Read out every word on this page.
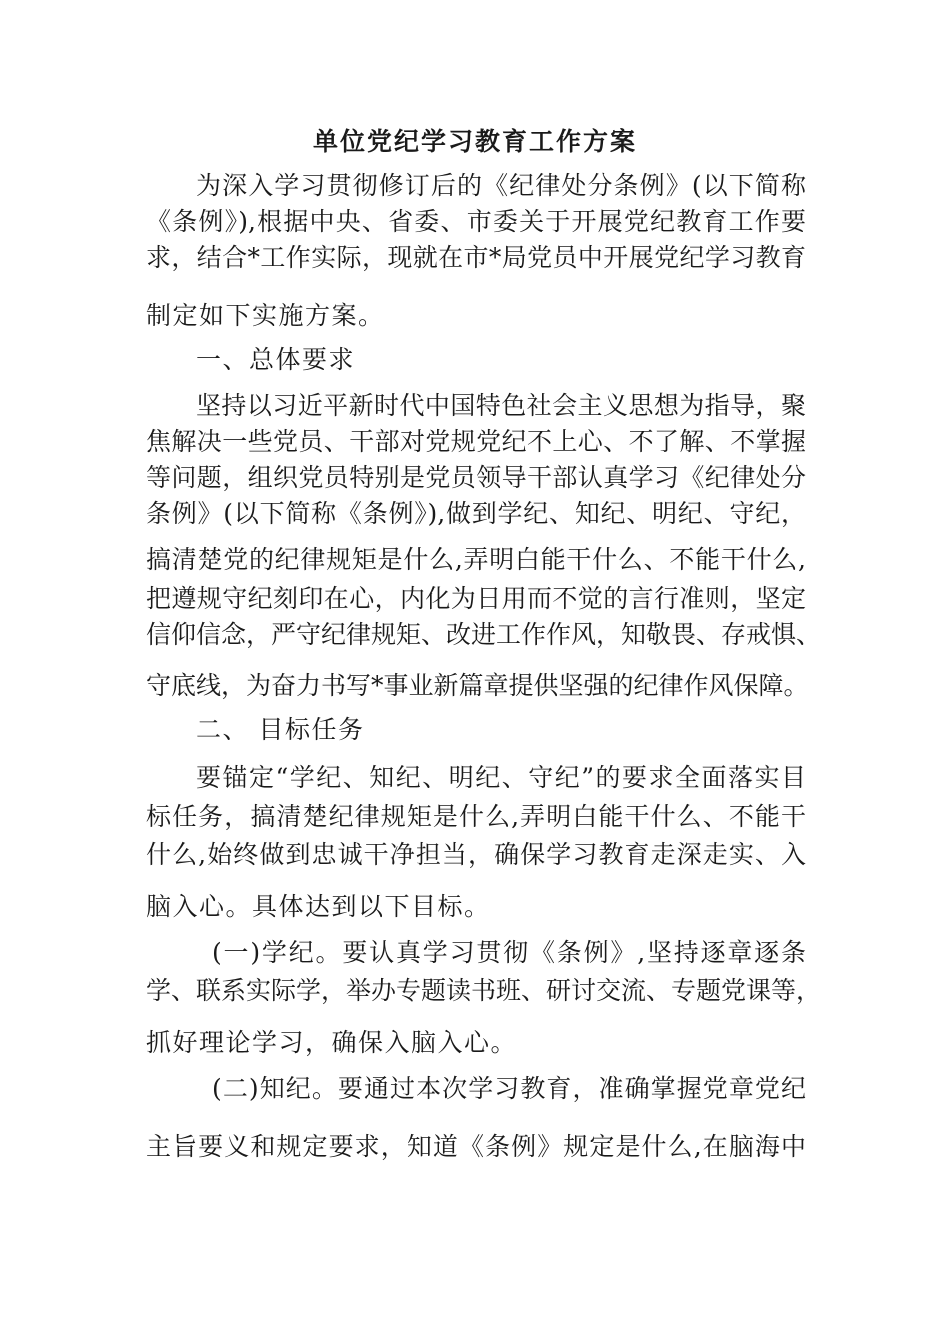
单位党纪学习教育工作方案
为深入学习贯彻修订后的《纪律处分条例》(以下简称
《条例》),根据中央、省委、市委关于开展党纪教育工作要
求，结合*工作实际，现就在市*局党员中开展党纪学习教育
制定如下实施方案。
一、总体要求
坚持以习近平新时代中国特色社会主义思想为指导，聚
焦解决一些党员、干部对党规党纪不上心、不了解、不掌握
等问题，组织党员特别是党员领导干部认真学习《纪律处分
条例》(以下简称《条例》),做到学纪、知纪、明纪、守纪，
搞清楚党的纪律规矩是什么,弄明白能干什么、不能干什么,
把遵规守纪刻印在心，内化为日用而不觉的言行准则，坚定
信仰信念，严守纪律规矩、改进工作作风，知敬畏、存戒惧、
守底线，为奋力书写*事业新篇章提供坚强的纪律作风保障。
二、 目标任务
要锚定“学纪、知纪、明纪、守纪”的要求全面落实目
标任务，搞清楚纪律规矩是什么,弄明白能干什么、不能干
什么,始终做到忠诚干净担当，确保学习教育走深走实、入
脑入心。具体达到以下目标。
(一)学纪。要认真学习贯彻《条例》,坚持逐章逐条
学、联系实际学，举办专题读书班、研讨交流、专题党课等，
抓好理论学习，确保入脑入心。
(二)知纪。要通过本次学习教育，准确掌握党章党纪
主旨要义和规定要求，知道《条例》规定是什么,在脑海中
